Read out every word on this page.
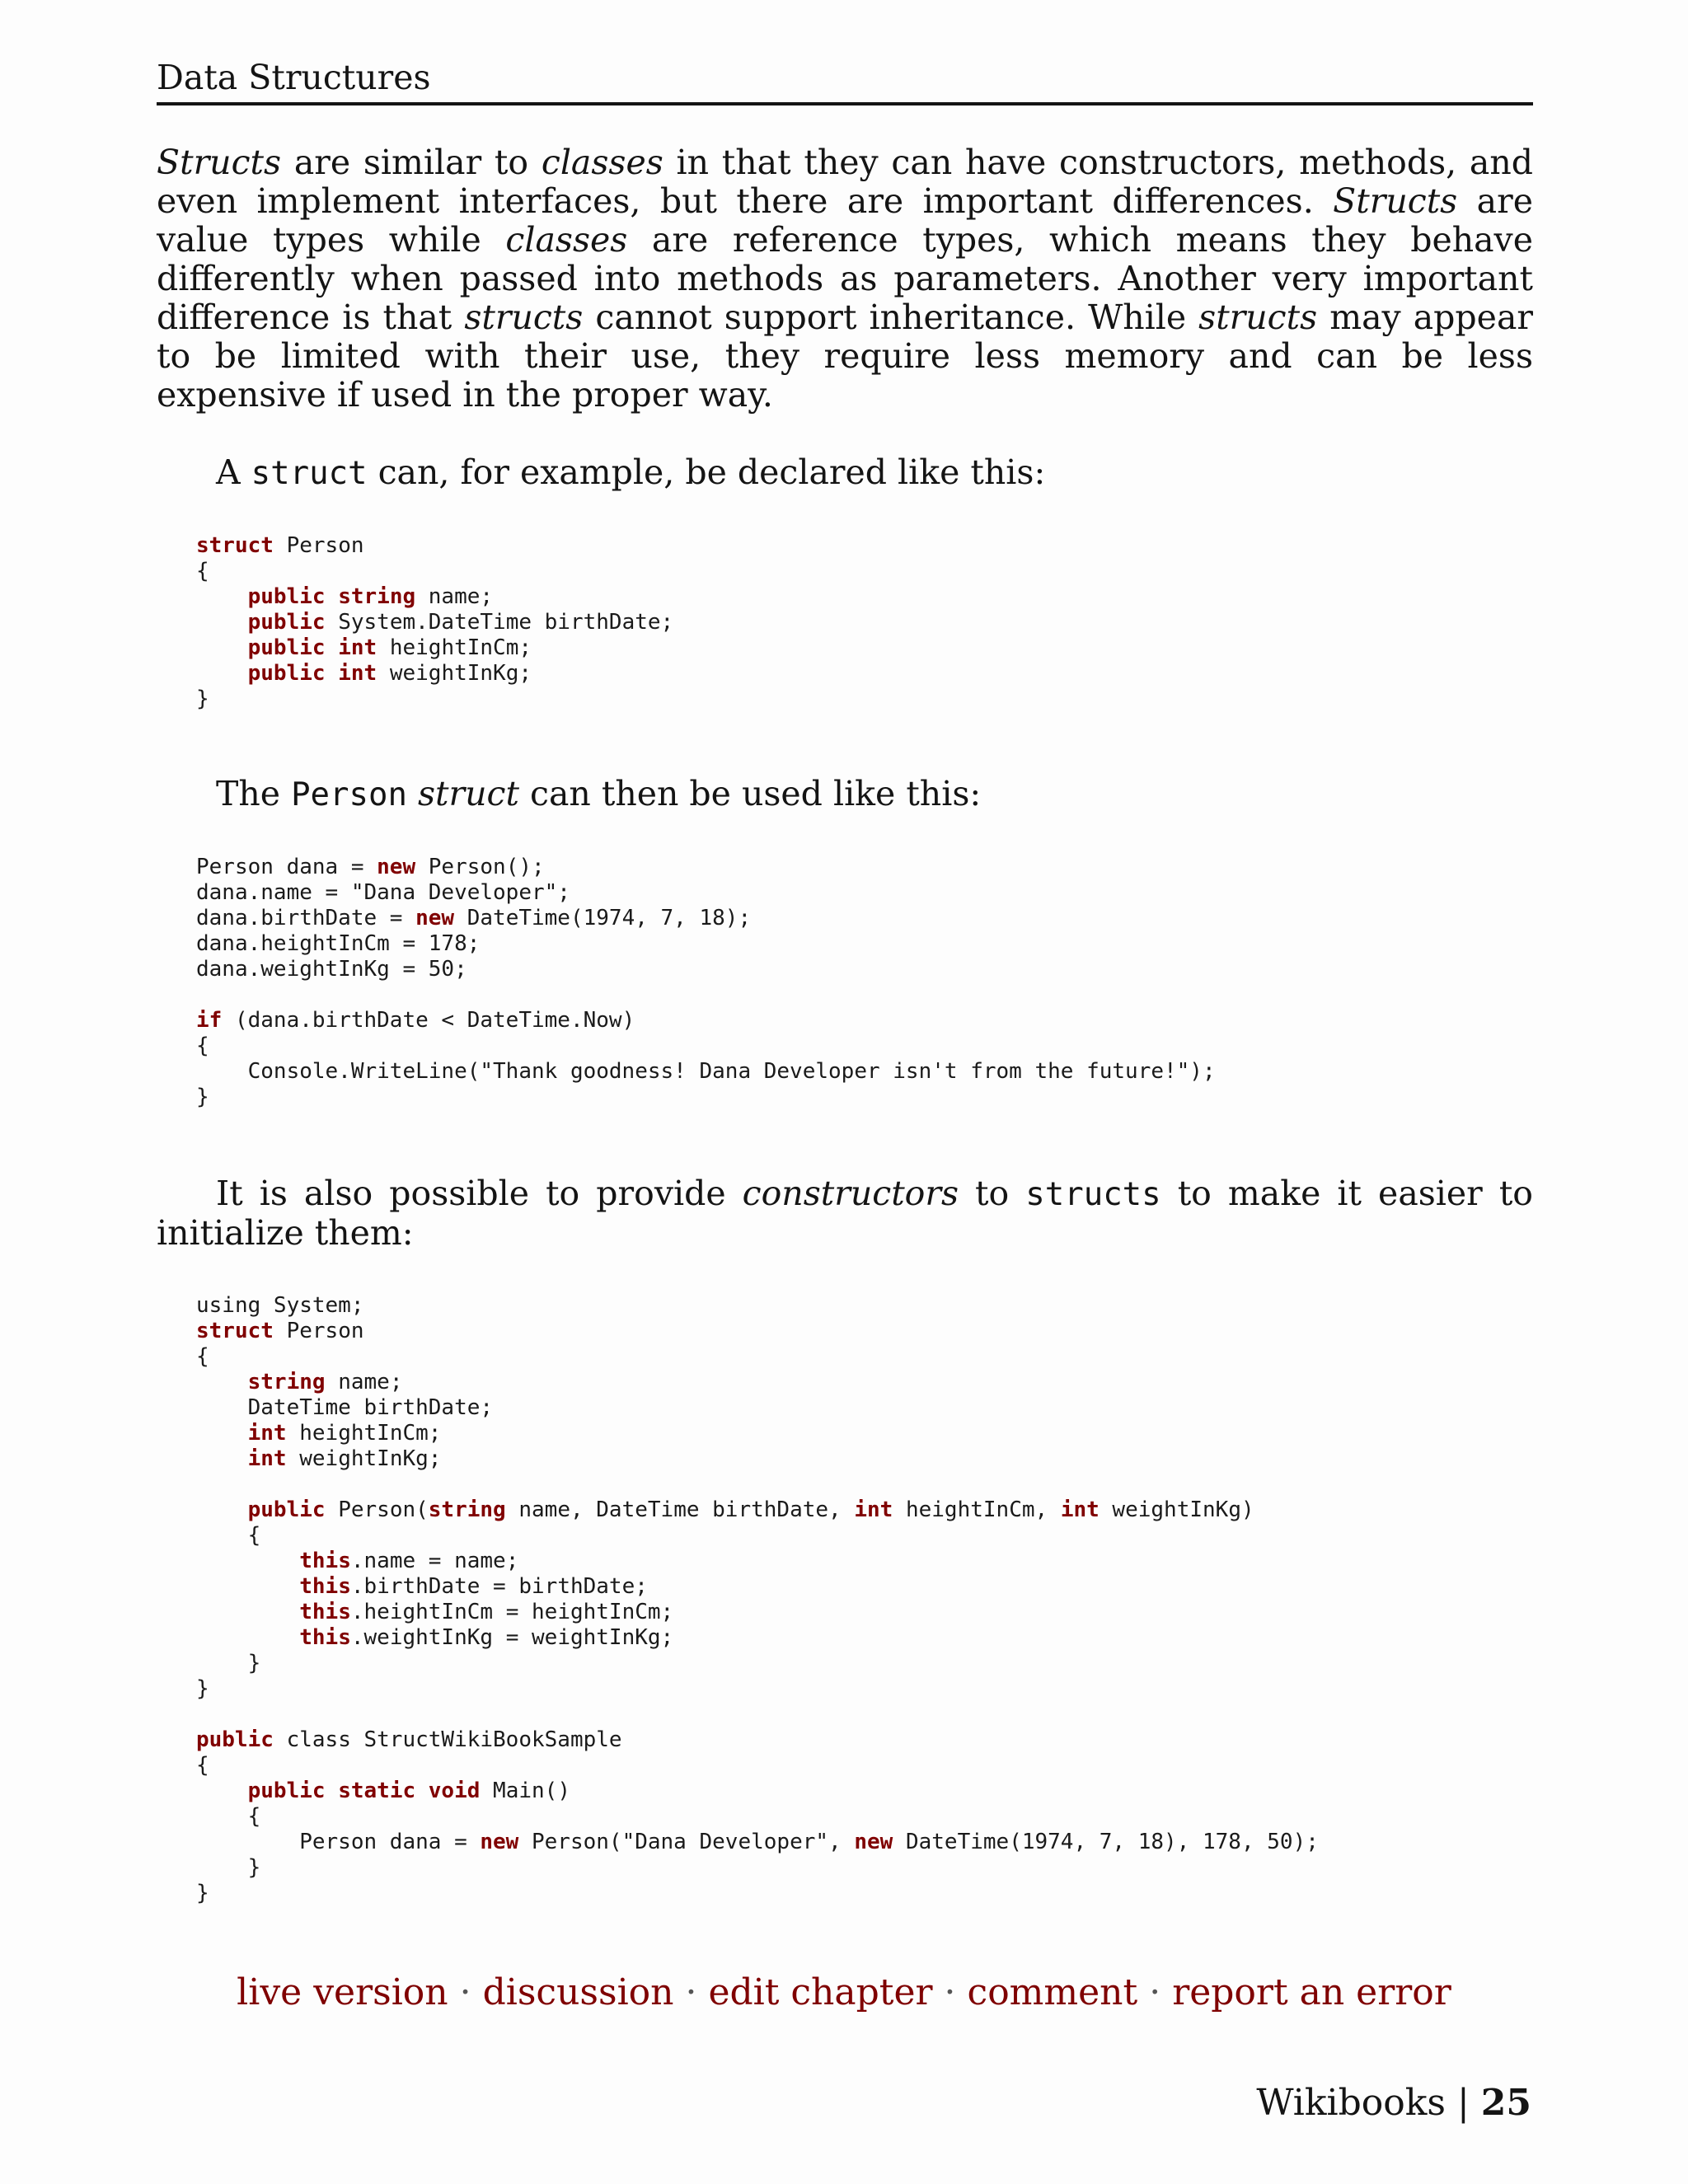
Data Structures

Structs are similar to classes in that they can have constructors, methods, and even implement interfaces, but there are important differences. Structs are value types while classes are reference types, which means they behave differently when passed into methods as parameters. Another very important difference is that structs cannot support inheritance. While structs may appear to be limited with their use, they require less memory and can be less expensive if used in the proper way.

A struct can, for example, be declared like this:

struct Person
{
public string name;
public System.DateTime birthDate;
public int heightInCm;
public int weightInKg;
}

The Person struct can then be used like this:

Person dana = new Person();
dana.name = "Dana Developer";
dana.birthDate = new DateTime(1974, 7, 18);
dana.heightInCm = 178;
dana.weightInKg = 50;

if (dana.birthDate < DateTime.Now)
{
Console.WriteLine("Thank goodness! Dana Developer isn't from the future!");
}

It is also possible to provide constructors to structs to make it easier to initialize them:

using System;
struct Person
{
string name;
DateTime birthDate;
int heightInCm;
int weightInKg;

public Person(string name, DateTime birthDate, int heightInCm, int weightInKg)
{
this.name = name;
this.birthDate = birthDate;
this.heightInCm = heightInCm;
this.weightInKg = weightInKg;
}
}

public class StructWikiBookSample
{
public static void Main()
{
Person dana = new Person("Dana Developer", new DateTime(1974, 7, 18), 178, 50);
}
}
live version · discussion · edit chapter · comment · report an error
Wikibooks | 25
